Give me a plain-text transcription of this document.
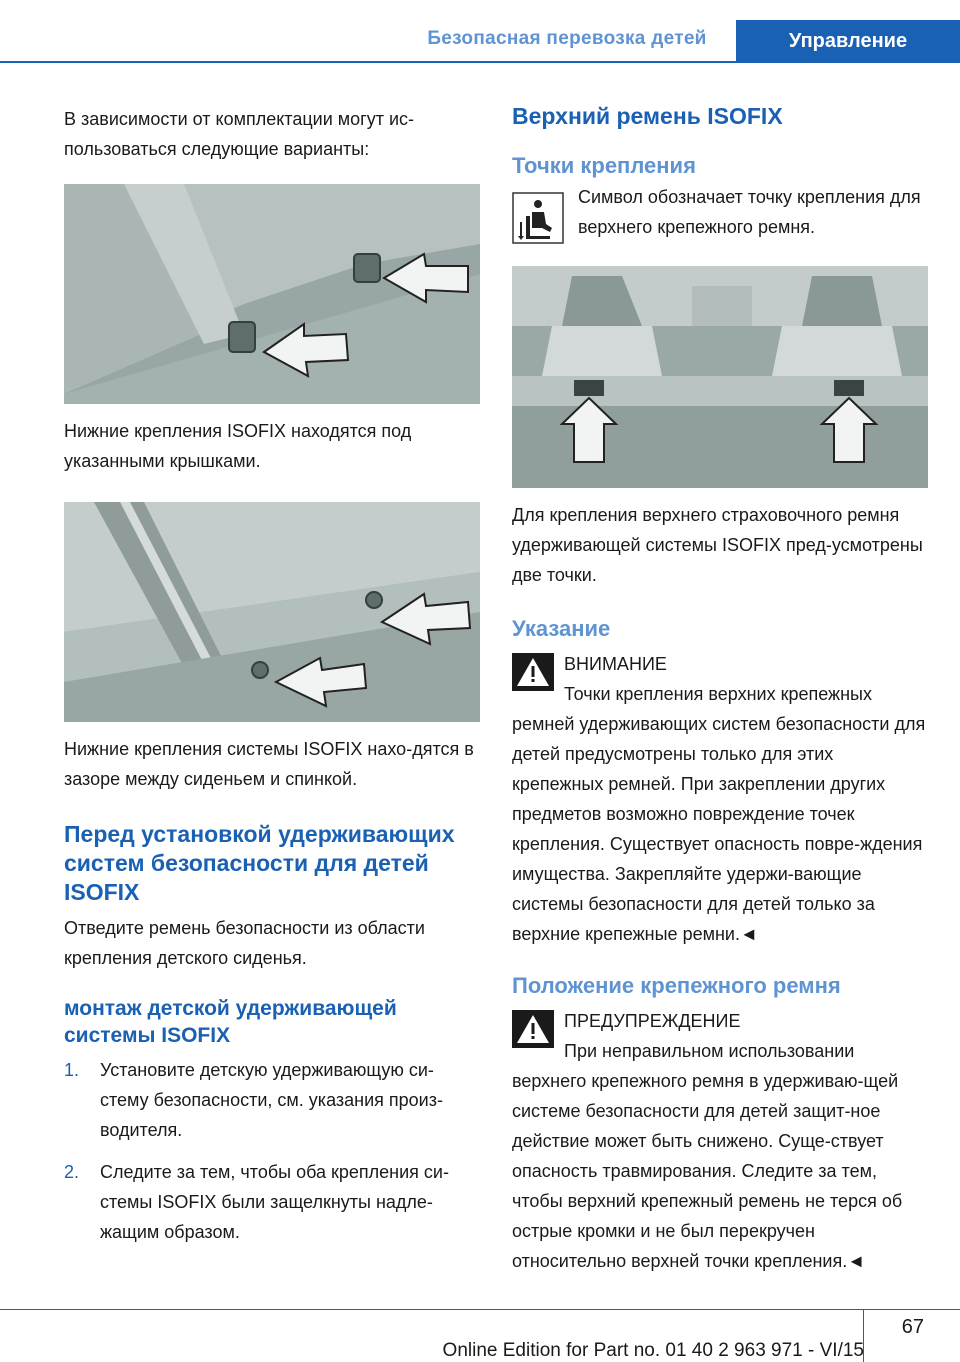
Безопасная перевозка детей	Управление

В зависимости от комплектации могут ис‐пользоваться следующие варианты:

Нижние крепления ISOFIX находятся под указанными крышками.

Нижние крепления системы ISOFIX нахо‐дятся в зазоре между сиденьем и спинкой.

Перед установкой удерживающих систем безопасности для детей ISOFIX

Отведите ремень безопасности из области крепления детского сиденья.

монтаж детской удерживающей системы ISOFIX
1. Установите детскую удерживающую си‐стему безопасности, см. указания произ‐водителя.
2. Следите за тем, чтобы оба крепления си‐стемы ISOFIX были защелкнуты надле‐жащим образом.
Верхний ремень ISOFIX
Точки крепления

Символ обозначает точку крепления для верхнего крепежного ремня.

Для крепления верхнего страховочного ремня удерживающей системы ISOFIX пред‐усмотрены две точки.

Указание

ВНИМАНИЕ

Точки крепления верхних крепежных ремней удерживающих систем безопасности для детей предусмотрены только для этих крепежных ремней. При закреплении других предметов возможно повреждение точек крепления. Существует опасность повре‐ждения имущества. Закрепляйте удержи‐вающие системы безопасности для детей только за верхние крепежные ремни.◄

Положение крепежного ремня

ПРЕДУПРЕЖДЕНИЕ

При неправильном использовании верхнего крепежного ремня в удерживаю‐щей системе безопасности для детей защит‐ное действие может быть снижено. Суще‐ствует опасность травмирования. Следите за тем, чтобы верхний крепежный ремень не терся об острые кромки и не был перекручен относительно верхней точки крепления.◄

67
Online Edition for Part no. 01 40 2 963 971 - VI/15
